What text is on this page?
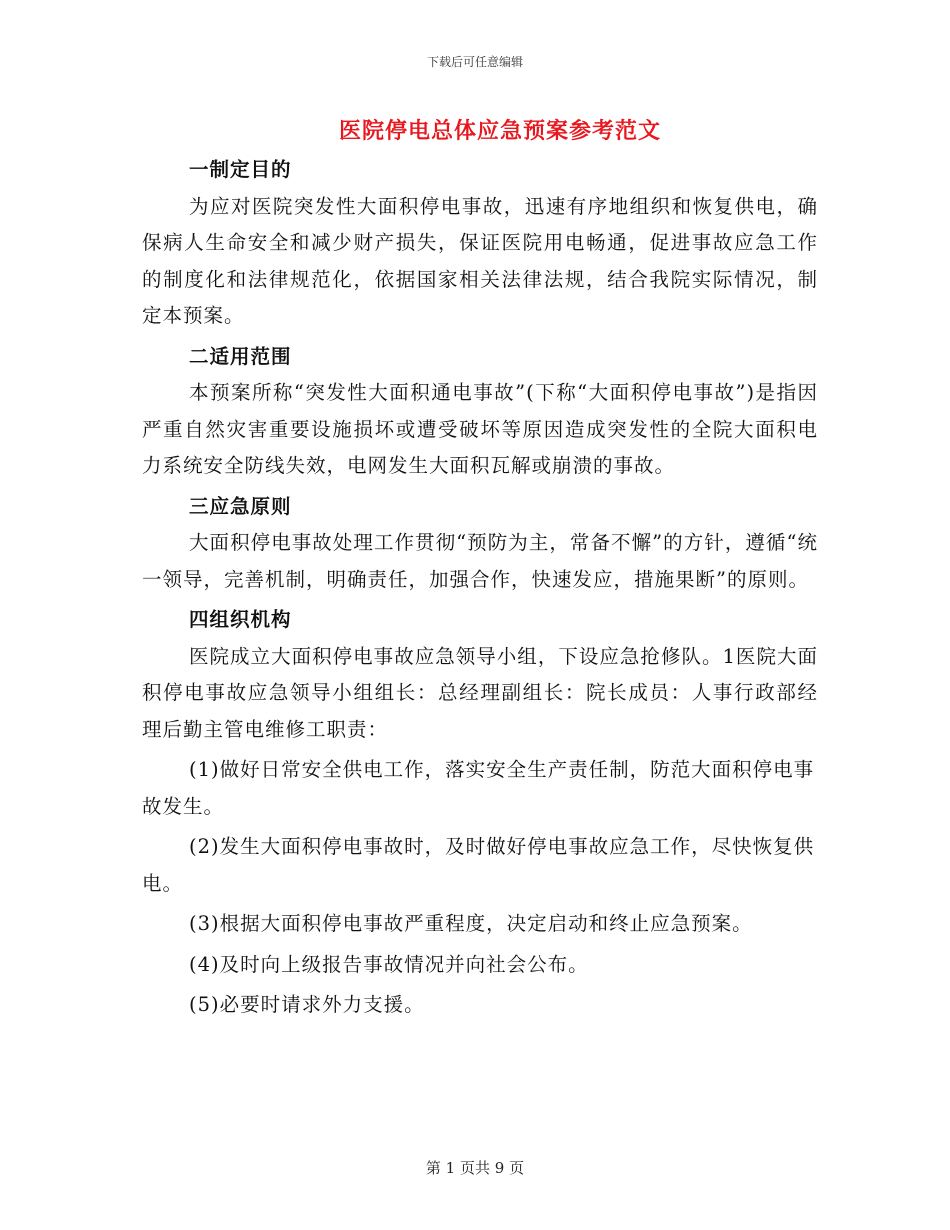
下载后可任意编辑
医院停电总体应急预案参考范文

一制定目的

为应对医院突发性大面积停电事故，迅速有序地组织和恢复供电，确保病人生命安全和减少财产损失，保证医院用电畅通，促进事故应急工作的制度化和法律规范化，依据国家相关法律法规，结合我院实际情况，制定本预案。

二适用范围

本预案所称“突发性大面积通电事故”(下称“大面积停电事故”)是指因严重自然灾害重要设施损坏或遭受破坏等原因造成突发性的全院大面积电力系统安全防线失效，电网发生大面积瓦解或崩溃的事故。

三应急原则

大面积停电事故处理工作贯彻“预防为主，常备不懈”的方针，遵循“统一领导，完善机制，明确责任，加强合作，快速发应，措施果断”的原则。

四组织机构

医院成立大面积停电事故应急领导小组，下设应急抢修队。1医院大面积停电事故应急领导小组组长：总经理副组长：院长成员：人事行政部经理后勤主管电维修工职责：

(1)做好日常安全供电工作，落实安全生产责任制，防范大面积停电事故发生。

(2)发生大面积停电事故时，及时做好停电事故应急工作，尽快恢复供电。

(3)根据大面积停电事故严重程度，决定启动和终止应急预案。

(4)及时向上级报告事故情况并向社会公布。

(5)必要时请求外力支援。

第 1 页共 9 页
